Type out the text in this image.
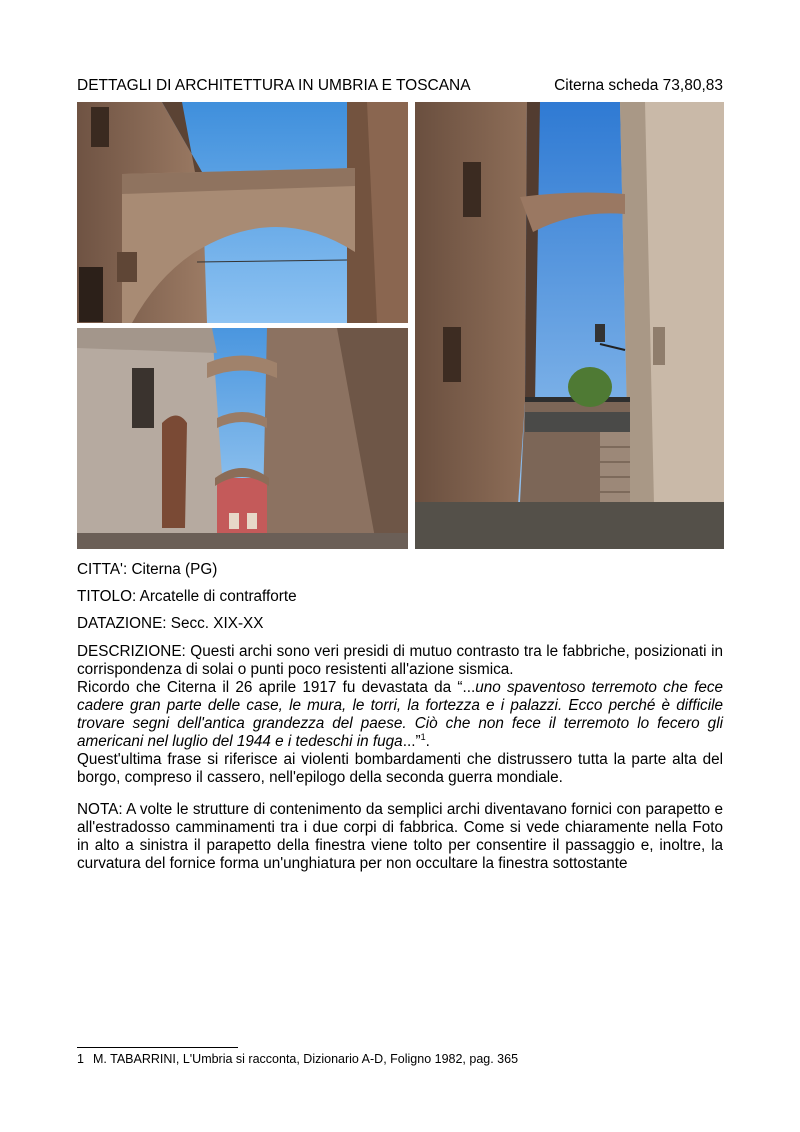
DETTAGLI DI ARCHITETTURA IN UMBRIA E TOSCANA	Citerna scheda 73,80,83

CITTA': Citerna (PG)

TITOLO: Arcatelle di contrafforte

DATAZIONE: Secc. XIX-XX

DESCRIZIONE: Questi archi sono veri presidi di mutuo contrasto tra le fabbriche, posizionati in corrispondenza di solai o punti poco resistenti all'azione sismica.

Ricordo che Citerna il 26 aprile 1917 fu devastata da “...uno spaventoso terremoto che fece cadere gran parte delle case, le mura, le torri, la fortezza e i palazzi. Ecco perché è difficile trovare segni dell'antica grandezza del paese. Ciò che non fece il terremoto lo fecero gli americani nel luglio del 1944 e i tedeschi in fuga...”$^1$.

Quest'ultima frase si riferisce ai violenti bombardamenti che distrussero tutta la parte alta del borgo, compreso il cassero, nell'epilogo della seconda guerra mondiale.

NOTA: A volte le strutture di contenimento da semplici archi diventavano fornici con parapetto e all'estradosso camminamenti tra i due corpi di fabbrica. Come si vede chiaramente nella Foto in alto a sinistra il parapetto della finestra viene tolto per consentire il passaggio e, inoltre, la curvatura del fornice forma un'unghiatura per non occultare la finestra sottostante

1 M. TABARRINI, L'Umbria si racconta, Dizionario A-D, Foligno 1982, pag. 365
